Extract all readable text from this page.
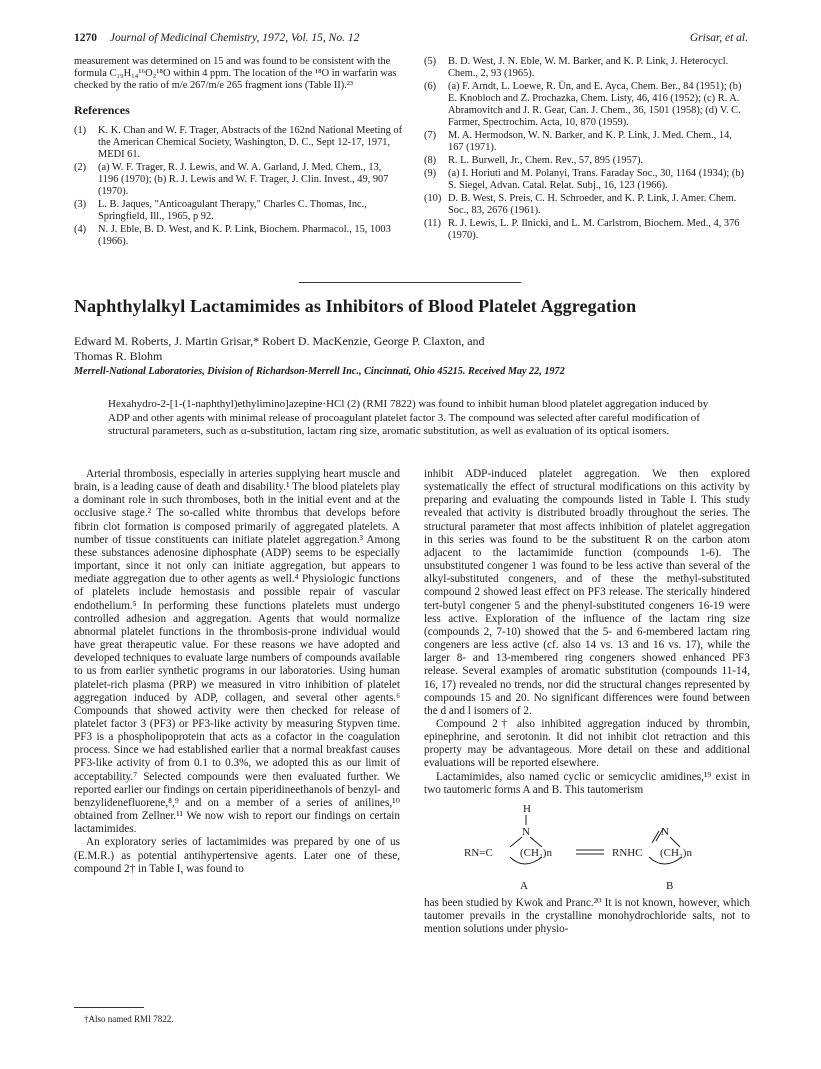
1270 Journal of Medicinal Chemistry, 1972, Vol. 15, No. 12	Grisar, et al.
measurement was determined on 15 and was found to be consistent with the formula C₁₉H₁₄¹⁶O₂¹⁸O within 4 ppm. The location of the ¹⁸O in warfarin was checked by the ratio of m/e 267/m/e 265 fragment ions (Table II).²³
References
(1) K. K. Chan and W. F. Trager, Abstracts of the 162nd National Meeting of the American Chemical Society, Washington, D. C., Sept 12-17, 1971, MEDI 61.
(2) (a) W. F. Trager, R. J. Lewis, and W. A. Garland, J. Med. Chem., 13, 1196 (1970); (b) R. J. Lewis and W. F. Trager, J. Clin. Invest., 49, 907 (1970).
(3) L. B. Jaques, "Anticoagulant Therapy," Charles C. Thomas, Inc., Springfield, Ill., 1965, p 92.
(4) N. J. Eble, B. D. West, and K. P. Link, Biochem. Pharmacol., 15, 1003 (1966).
(5) B. D. West, J. N. Eble, W. M. Barker, and K. P. Link, J. Heterocycl. Chem., 2, 93 (1965).
(6) (a) F. Arndt, L. Loewe, R. Ün, and E. Ayca, Chem. Ber., 84 (1951); (b) E. Knobloch and Z. Prochazka, Chem. Listy, 46, 416 (1952); (c) R. A. Abramovitch and J. R. Gear, Can. J. Chem., 36, 1501 (1958); (d) V. C. Farmer, Spectrochim. Acta, 10, 870 (1959).
(7) M. A. Hermodson, W. N. Barker, and K. P. Link, J. Med. Chem., 14, 167 (1971).
(8) R. L. Burwell, Jr., Chem. Rev., 57, 895 (1957).
(9) (a) I. Horiuti and M. Polanyi, Trans. Faraday Soc., 30, 1164 (1934); (b) S. Siegel, Advan. Catal. Relat. Subj., 16, 123 (1966).
(10) D. B. West, S. Preis, C. H. Schroeder, and K. P. Link, J. Amer. Chem. Soc., 83, 2676 (1961).
(11) R. J. Lewis, L. P. Ilnicki, and L. M. Carlstrom, Biochem. Med., 4, 376 (1970).
Naphthylalkyl Lactamimides as Inhibitors of Blood Platelet Aggregation
Edward M. Roberts, J. Martin Grisar,* Robert D. MacKenzie, George P. Claxton, and Thomas R. Blohm
Merrell-National Laboratories, Division of Richardson-Merrell Inc., Cincinnati, Ohio 45215. Received May 22, 1972
Hexahydro-2-[1-(1-naphthyl)ethylimino]azepine·HCl (2) (RMI 7822) was found to inhibit human blood platelet aggregation induced by ADP and other agents with minimal release of procoagulant platelet factor 3. The compound was selected after careful modification of structural parameters, such as α-substitution, lactam ring size, aromatic substitution, as well as evaluation of its optical isomers.

Arterial thrombosis, especially in arteries supplying heart muscle and brain, is a leading cause of death and disability.¹ The blood platelets play a dominant role in such thromboses, both in the initial event and at the occlusive stage.² The so-called white thrombus that develops before fibrin clot formation is composed primarily of aggregated platelets. A number of tissue constituents can initiate platelet aggregation.³ Among these substances adenosine diphosphate (ADP) seems to be especially important, since it not only can initiate aggregation, but appears to mediate aggregation due to other agents as well.⁴ Physiologic functions of platelets include hemostasis and possible repair of vascular endothelium.⁵ In performing these functions platelets must undergo controlled adhesion and aggregation. Agents that would normalize abnormal platelet functions in the thrombosis-prone individual would have great therapeutic value. For these reasons we have adopted and developed techniques to evaluate large numbers of compounds available to us from earlier synthetic programs in our laboratories. Using human platelet-rich plasma (PRP) we measured in vitro inhibition of platelet aggregation induced by ADP, collagen, and several other agents.⁶ Compounds that showed activity were then checked for release of platelet factor 3 (PF3) or PF3-like activity by measuring Stypven time. PF3 is a phospholipoprotein that acts as a cofactor in the coagulation process. Since we had established earlier that a normal breakfast causes PF3-like activity of from 0.1 to 0.3%, we adopted this as our limit of acceptability.⁷ Selected compounds were then evaluated further. We reported earlier our findings on certain piperidineethanols of benzyl- and benzylidenefluorene,⁸,⁹ and on a member of a series of anilines,¹⁰ obtained from Zellner.¹¹ We now wish to report our findings on certain lactamimides.

An exploratory series of lactamimides was prepared by one of us (E.M.R.) as potential antihypertensive agents. Later one of these, compound 2† in Table I, was found to

inhibit ADP-induced platelet aggregation. We then explored systematically the effect of structural modifications on this activity by preparing and evaluating the compounds listed in Table I. This study revealed that activity is distributed broadly throughout the series. The structural parameter that most affects inhibition of platelet aggregation in this series was found to be the substituent R on the carbon atom adjacent to the lactamimide function (compounds 1-6). The unsubstituted congener 1 was found to be less active than several of the alkyl-substituted congeners, and of these the methyl-substituted compound 2 showed least effect on PF3 release. The sterically hindered tert-butyl congener 5 and the phenyl-substituted congeners 16-19 were less active. Exploration of the influence of the lactam ring size (compounds 2, 7-10) showed that the 5- and 6-membered lactam ring congeners are less active (cf. also 14 vs. 13 and 16 vs. 17), while the larger 8- and 13-membered ring congeners showed enhanced PF3 release. Several examples of aromatic substitution (compounds 11-14, 16, 17) revealed no trends, nor did the structural changes represented by compounds 15 and 20. No significant differences were found between the d and l isomers of 2.

Compound 2† also inhibited aggregation induced by thrombin, epinephrine, and serotonin. It did not inhibit clot retraction and this property may be advantageous. More detail on these and additional evaluations will be reported elsewhere.

Lactamimides, also named cyclic or semicyclic amidines,¹⁹ exist in two tautomeric forms A and B. This tautomerism

H
N
RN=C (CH₂)n	RNHC
N
(CH₂)n
A	B

has been studied by Kwok and Pranc.²⁰ It is not known, however, which tautomer prevails in the crystalline monohydrochloride salts, not to mention solutions under physio-

†Also named RMI 7822.
